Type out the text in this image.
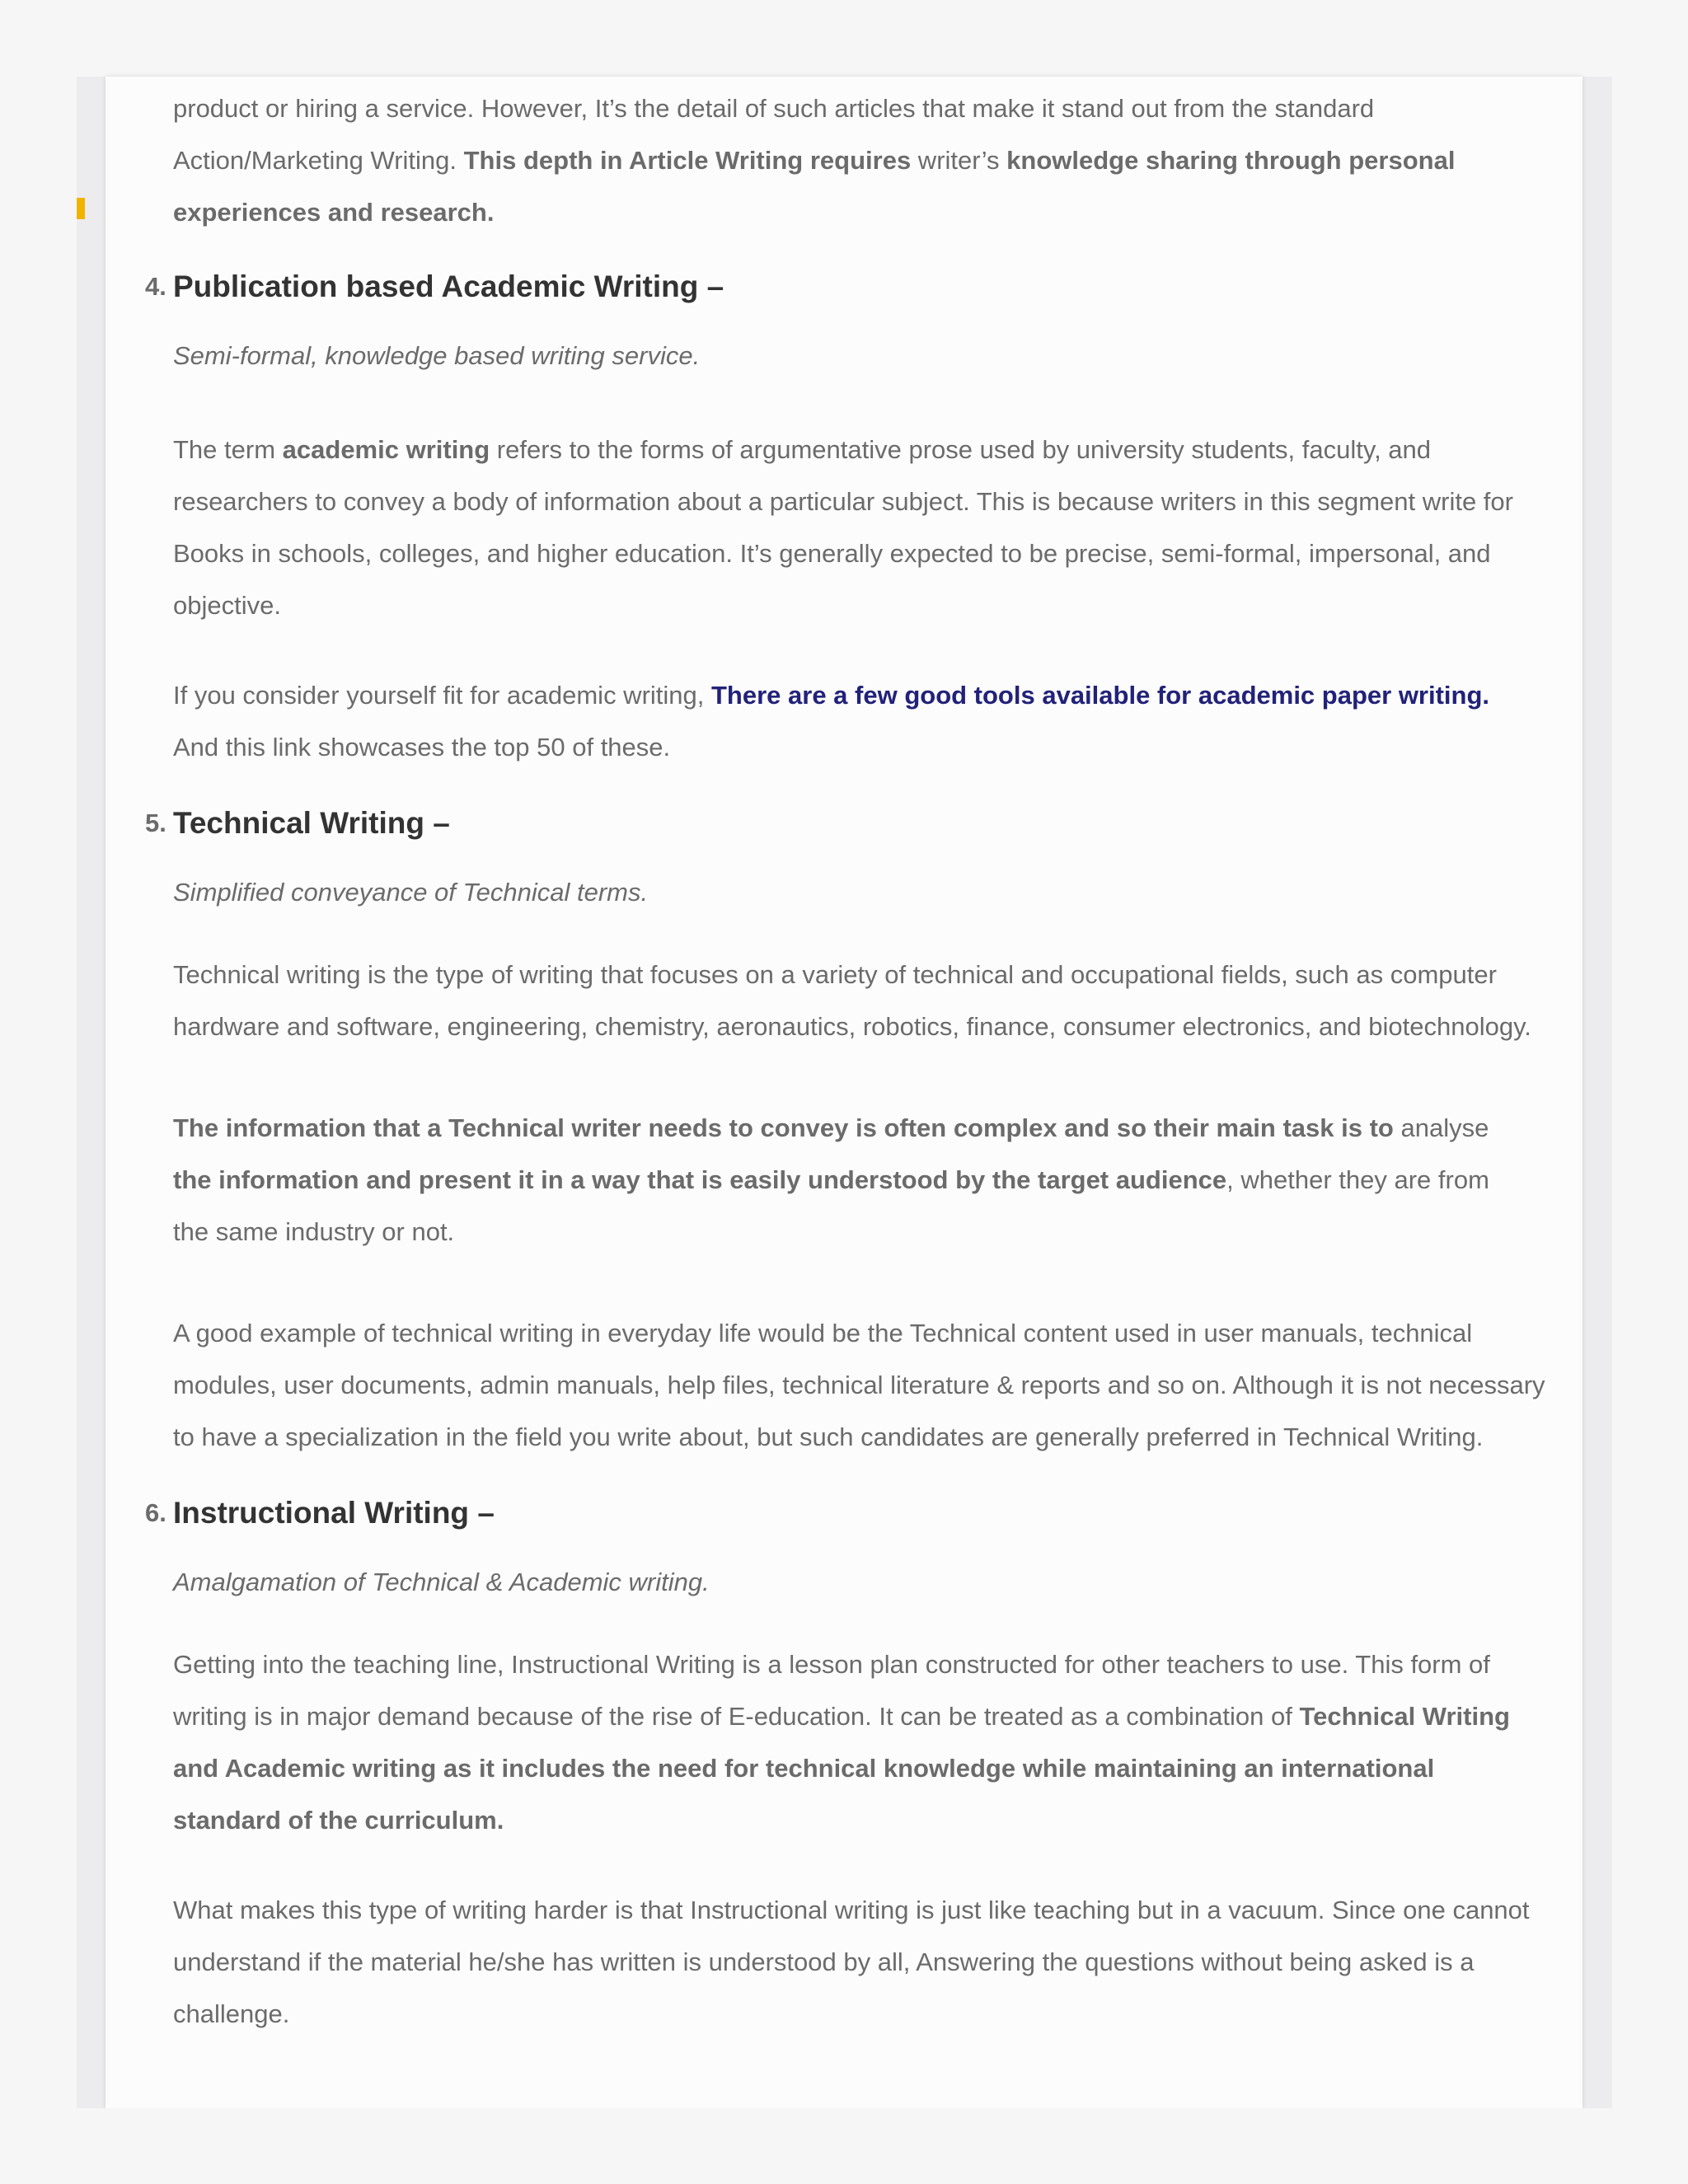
product or hiring a service. However, It’s the detail of such articles that make it stand out from the standard
Action/Marketing Writing. This depth in Article Writing requires writer’s knowledge sharing through personal
experiences and research.

4. Publication based Academic Writing –

Semi-formal, knowledge based writing service.

The term academic writing refers to the forms of argumentative prose used by university students, faculty, and
researchers to convey a body of information about a particular subject. This is because writers in this segment write for
Books in schools, colleges, and higher education. It’s generally expected to be precise, semi-formal, impersonal, and
objective.

If you consider yourself fit for academic writing, There are a few good tools available for academic paper writing.
And this link showcases the top 50 of these.

5. Technical Writing –

Simplified conveyance of Technical terms.

Technical writing is the type of writing that focuses on a variety of technical and occupational fields, such as computer
hardware and software, engineering, chemistry, aeronautics, robotics, finance, consumer electronics, and biotechnology.

The information that a Technical writer needs to convey is often complex and so their main task is to analyse
the information and present it in a way that is easily understood by the target audience, whether they are from
the same industry or not.

A good example of technical writing in everyday life would be the Technical content used in user manuals, technical
modules, user documents, admin manuals, help files, technical literature & reports and so on. Although it is not necessary
to have a specialization in the field you write about, but such candidates are generally preferred in Technical Writing.

6. Instructional Writing –

Amalgamation of Technical & Academic writing.

Getting into the teaching line, Instructional Writing is a lesson plan constructed for other teachers to use. This form of
writing is in major demand because of the rise of E-education. It can be treated as a combination of Technical Writing
and Academic writing as it includes the need for technical knowledge while maintaining an international
standard of the curriculum.

What makes this type of writing harder is that Instructional writing is just like teaching but in a vacuum. Since one cannot
understand if the material he/she has written is understood by all, Answering the questions without being asked is a
challenge.
